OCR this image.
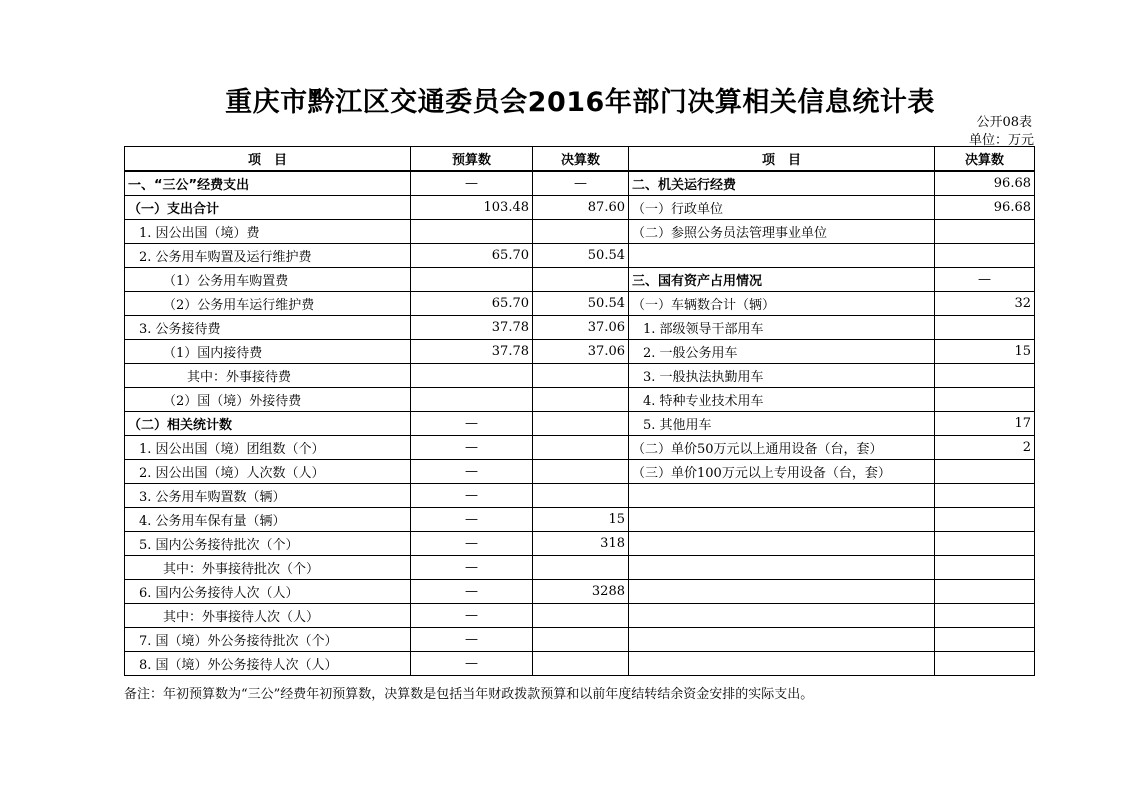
重庆市黔江区交通委员会2016年部门决算相关信息统计表
公开08表
单位：万元
项　目	预算数	决算数	项　目	决算数
一、“三公”经费支出	—	—	二、机关运行经费	96.68
（一）支出合计	103.48	87.60	（一）行政单位	96.68
1. 因公出国（境）费			（二）参照公务员法管理事业单位	
2. 公务用车购置及运行维护费	65.70	50.54		
（1）公务用车购置费			三、国有资产占用情况	—
（2）公务用车运行维护费	65.70	50.54	（一）车辆数合计（辆）	32
3. 公务接待费	37.78	37.06	1. 部级领导干部用车	
（1）国内接待费	37.78	37.06	2. 一般公务用车	15
其中：外事接待费			3. 一般执法执勤用车	
（2）国（境）外接待费			4. 特种专业技术用车	
（二）相关统计数	—		5. 其他用车	17
1. 因公出国（境）团组数（个）	—		（二）单价50万元以上通用设备（台，套）	2
2. 因公出国（境）人次数（人）	—		（三）单价100万元以上专用设备（台，套）	
3. 公务用车购置数（辆）	—			
4. 公务用车保有量（辆）	—	15		
5. 国内公务接待批次（个）	—	318		
其中：外事接待批次（个）	—			
6. 国内公务接待人次（人）	—	3288		
其中：外事接待人次（人）	—			
7. 国（境）外公务接待批次（个）	—			
8. 国（境）外公务接待人次（人）	—			
备注：年初预算数为“三公”经费年初预算数，决算数是包括当年财政拨款预算和以前年度结转结余资金安排的实际支出。
